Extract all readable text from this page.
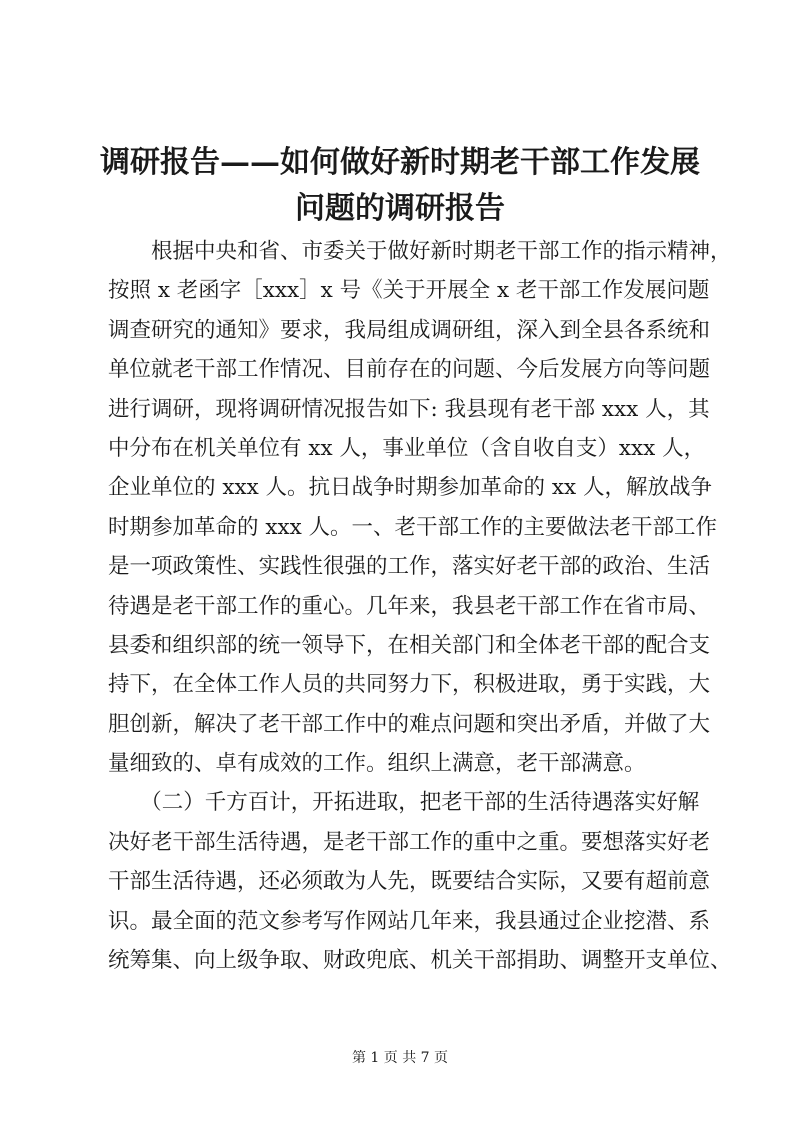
调研报告——如何做好新时期老干部工作发展
问题的调研报告
　　根据中央和省、市委关于做好新时期老干部工作的指示精神，
按照 x 老函字［xxx］x 号《关于开展全 x 老干部工作发展问题
调查研究的通知》要求，我局组成调研组，深入到全县各系统和
单位就老干部工作情况、目前存在的问题、今后发展方向等问题
进行调研，现将调研情况报告如下: 我县现有老干部 xxx 人，其
中分布在机关单位有 xx 人，事业单位（含自收自支）xxx 人，
企业单位的 xxx 人。抗日战争时期参加革命的 xx 人，解放战争
时期参加革命的 xxx 人。一、老干部工作的主要做法老干部工作
是一项政策性、实践性很强的工作，落实好老干部的政治、生活
待遇是老干部工作的重心。几年来，我县老干部工作在省市局、
县委和组织部的统一领导下，在相关部门和全体老干部的配合支
持下，在全体工作人员的共同努力下，积极进取，勇于实践，大
胆创新，解决了老干部工作中的难点问题和突出矛盾，并做了大
量细致的、卓有成效的工作。组织上满意，老干部满意。
　　（二）千方百计，开拓进取，把老干部的生活待遇落实好解
决好老干部生活待遇，是老干部工作的重中之重。要想落实好老
干部生活待遇，还必须敢为人先，既要结合实际，又要有超前意
识。最全面的范文参考写作网站几年来，我县通过企业挖潜、系
统筹集、向上级争取、财政兜底、机关干部捐助、调整开支单位、
第 1 页 共 7 页
